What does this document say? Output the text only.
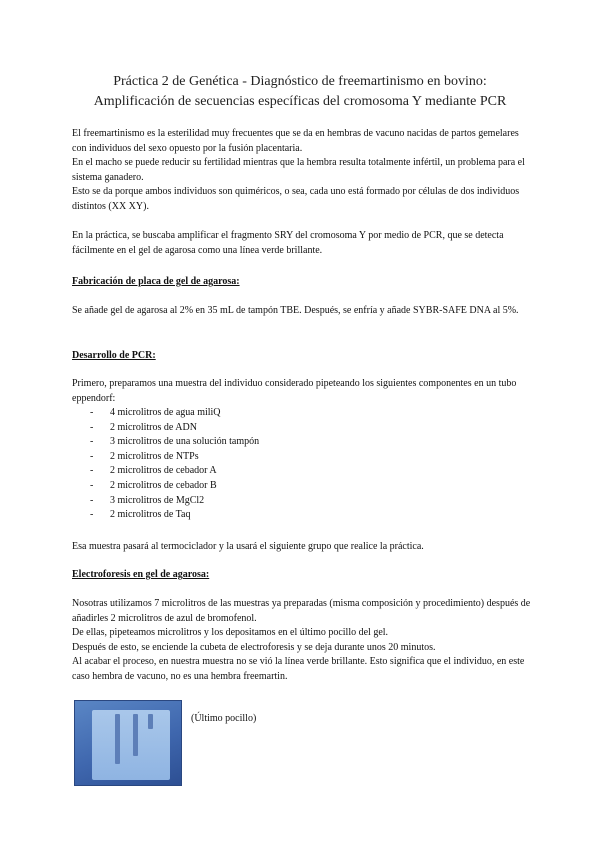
Práctica 2 de Genética - Diagnóstico de freemartinismo en bovino:
Amplificación de secuencias específicas del cromosoma Y mediante PCR

El freemartinismo es la esterilidad muy frecuentes que se da en hembras de vacuno nacidas de partos gemelares con individuos del sexo opuesto por la fusión placentaria.

En el macho se puede reducir su fertilidad mientras que la hembra resulta totalmente infértil, un problema para el sistema ganadero.

Esto se da porque ambos individuos son quiméricos, o sea, cada uno está formado por células de dos individuos distintos (XX XY).

En la práctica, se buscaba amplificar el fragmento SRY del cromosoma Y por medio de PCR, que se detecta fácilmente en el gel de agarosa como una línea verde brillante.

Fabricación de placa de gel de agarosa:

Se añade gel de agarosa al 2% en 35 mL de tampón TBE. Después, se enfría y añade SYBR-SAFE DNA al 5%.

Desarrollo de PCR:

Primero, preparamos una muestra del individuo considerado pipeteando los siguientes componentes en un tubo eppendorf:

- 4 microlitros de agua miliQ
- 2 microlitros de ADN
- 3 microlitros de una solución tampón
- 2 microlitros de NTPs
- 2 microlitros de cebador A
- 2 microlitros de cebador B
- 3 microlitros de MgCl2
- 2 microlitros de Taq

Esa muestra pasará al termociclador y la usará el siguiente grupo que realice la práctica.

Electroforesis en gel de agarosa:

Nosotras utilizamos 7 microlitros de las muestras ya preparadas (misma composición y procedimiento) después de añadirles 2 microlitros de azul de bromofenol.

De ellas, pipeteamos microlitros y los depositamos en el último pocillo del gel.

Después de esto, se enciende la cubeta de electroforesis y se deja durante unos 20 minutos.

Al acabar el proceso, en nuestra muestra no se vió la línea verde brillante. Esto significa que el individuo, en este caso hembra de vacuno, no es una hembra freemartin.

(Último pocillo)
